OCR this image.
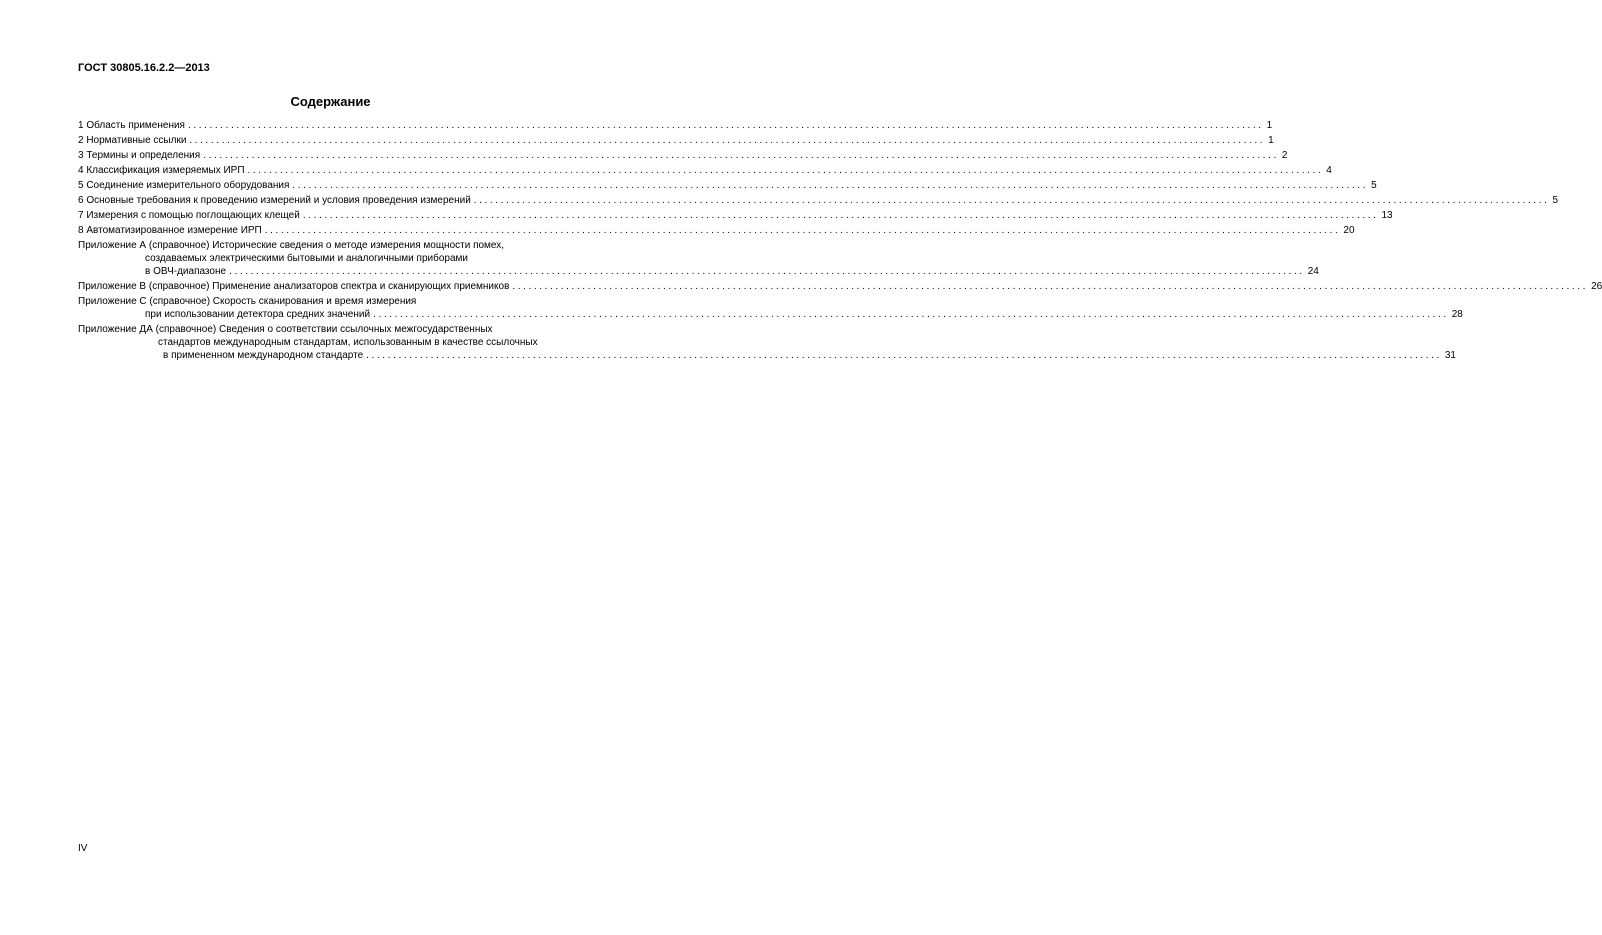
ГОСТ 30805.16.2.2—2013
Содержание
1 Область применения ........................................................................................................................................................................................................ 1
2 Нормативные ссылки ........................................................................................................................................................................................................ 1
3 Термины и определения ........................................................................................................................................................................................................ 2
4 Классификация измеряемых ИРП ........................................................................................................................................................................................................ 4
5 Соединение измерительного оборудования ........................................................................................................................................................................................................ 5
6 Основные требования к проведению измерений и условия проведения измерений ........................................................................................................................................................................................................ 5
7 Измерения с помощью поглощающих клещей ........................................................................................................................................................................................................ 13
8 Автоматизированное измерение ИРП ........................................................................................................................................................................................................ 20
Приложение А (справочное) Исторические сведения о методе измерения мощности помех,
создаваемых электрическими бытовыми и аналогичными приборами
в ОВЧ-диапазоне ........................................................................................................................................................................................................ 24
Приложение В (справочное) Применение анализаторов спектра и сканирующих приемников ........................................................................................................................................................................................................ 26
Приложение С (справочное) Скорость сканирования и время измерения
при использовании детектора средних значений ........................................................................................................................................................................................................ 28
Приложение ДА (справочное) Сведения о соответствии ссылочных межгосударственных
стандартов международным стандартам, использованным в качестве ссылочных
в примененном международном стандарте ........................................................................................................................................................................................................ 31
IV
